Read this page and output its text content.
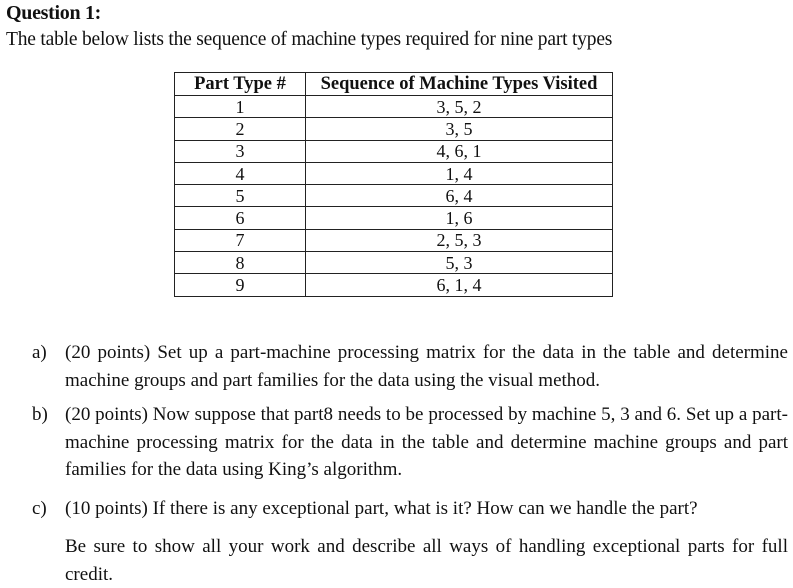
Question 1:
The table below lists the sequence of machine types required for nine part types
Part Type #	Sequence of Machine Types Visited
1	3, 5, 2
2	3, 5
3	4, 6, 1
4	1, 4
5	6, 4
6	1, 6
7	2, 5, 3
8	5, 3
9	6, 1, 4
a) (20 points) Set up a part-machine processing matrix for the data in the table and determine machine groups and part families for the data using the visual method.
b) (20 points) Now suppose that part8 needs to be processed by machine 5, 3 and 6. Set up a part-machine processing matrix for the data in the table and determine machine groups and part families for the data using King’s algorithm.
c) (10 points) If there is any exceptional part, what is it? How can we handle the part?
Be sure to show all your work and describe all ways of handling exceptional parts for full credit.
